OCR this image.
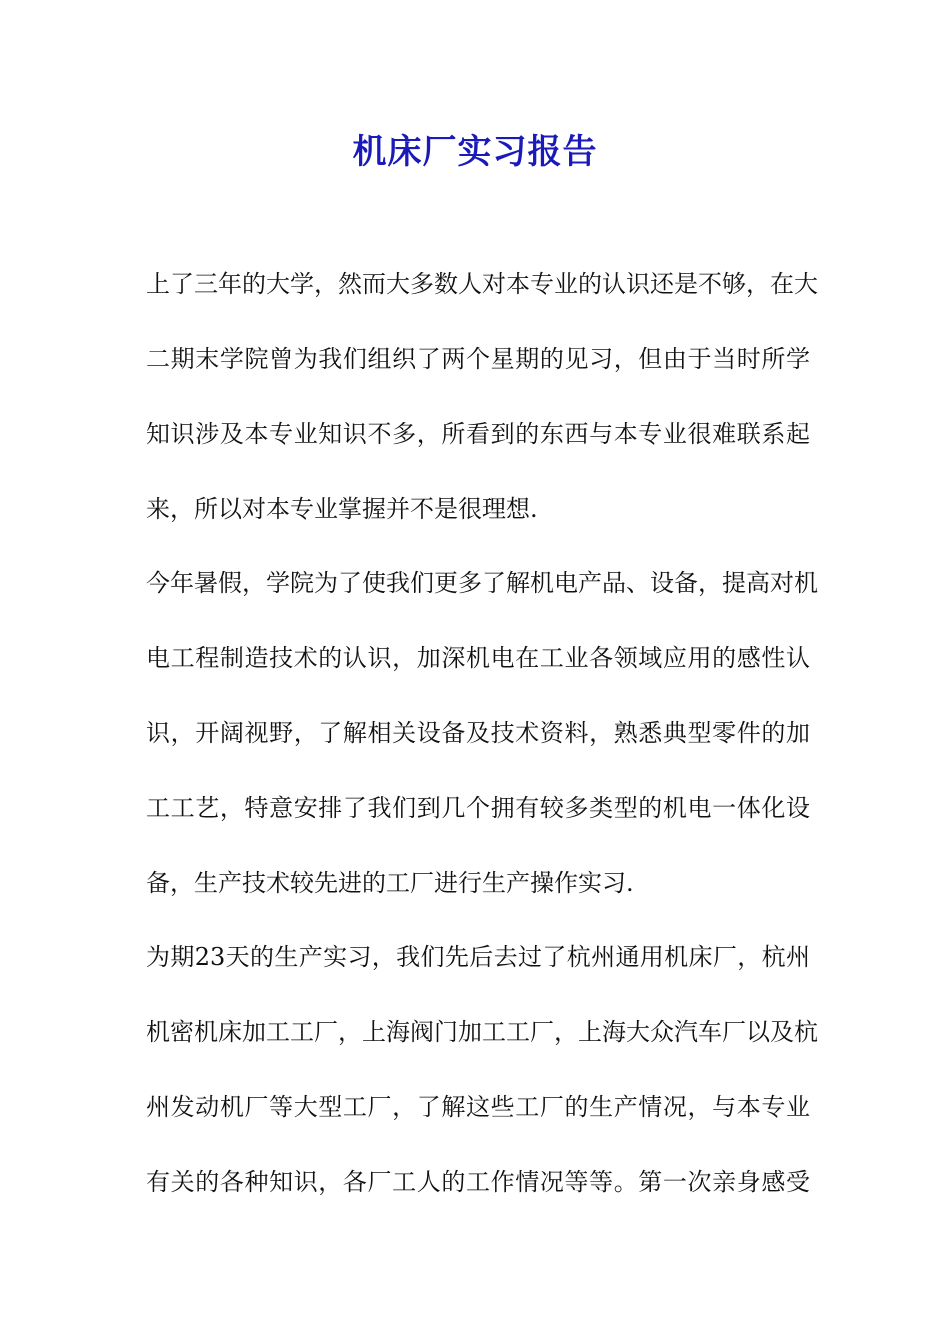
机床厂实习报告

上了三年的大学，然而大多数人对本专业的认识还是不够，在大

二期末学院曾为我们组织了两个星期的见习，但由于当时所学

知识涉及本专业知识不多，所看到的东西与本专业很难联系起

来，所以对本专业掌握并不是很理想.

今年暑假，学院为了使我们更多了解机电产品、设备，提高对机

电工程制造技术的认识，加深机电在工业各领域应用的感性认

识，开阔视野，了解相关设备及技术资料，熟悉典型零件的加

工工艺，特意安排了我们到几个拥有较多类型的机电一体化设

备，生产技术较先进的工厂进行生产操作实习.

为期23天的生产实习，我们先后去过了杭州通用机床厂，杭州

机密机床加工工厂，上海阀门加工工厂，上海大众汽车厂以及杭

州发动机厂等大型工厂，了解这些工厂的生产情况，与本专业

有关的各种知识，各厂工人的工作情况等等。第一次亲身感受
